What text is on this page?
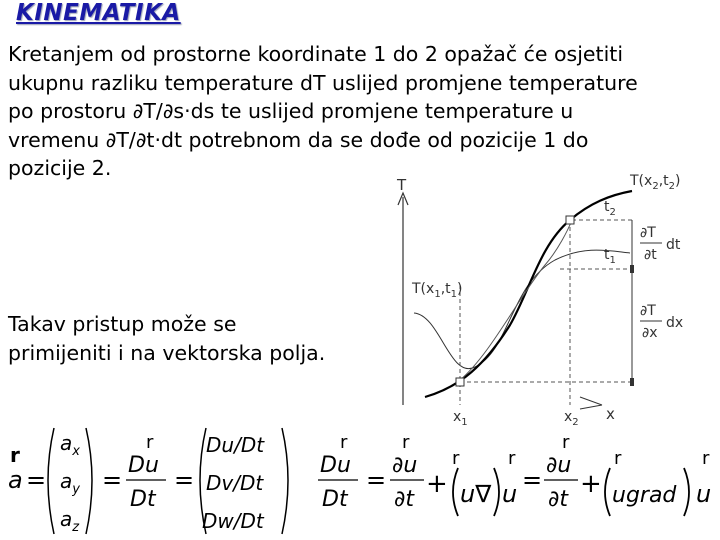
KINEMATIKA
Kretanjem od prostorne koordinate 1 do 2 opažač će osjetiti
ukupnu razliku temperature dT uslijed promjene temperature
po prostoru ∂T/∂s·ds te uslijed promjene temperature u
vremenu ∂T/∂t·dt potrebnom da se dođe od pozicije 1 do
pozicije 2.
Takav pristup može se
primijeniti i na vektorska polja.
T
x
$x_1$	$x_2$
$T(x_1,t_1)$
$T(x_2,t_2)$
$t_2$
$t_1$
∂T
∂t
dt
∂T
∂x
dx
r
a =
$a_x$
$a_y$
$a_z$
=
r
Du
Dt
=
Du/Dt
Dv/Dt
Dw/Dt
r
Du
Dt
=
r
∂u
∂t
+
r
u∇
r
u =
r
∂u
∂t
+
r
ugrad
r
u
